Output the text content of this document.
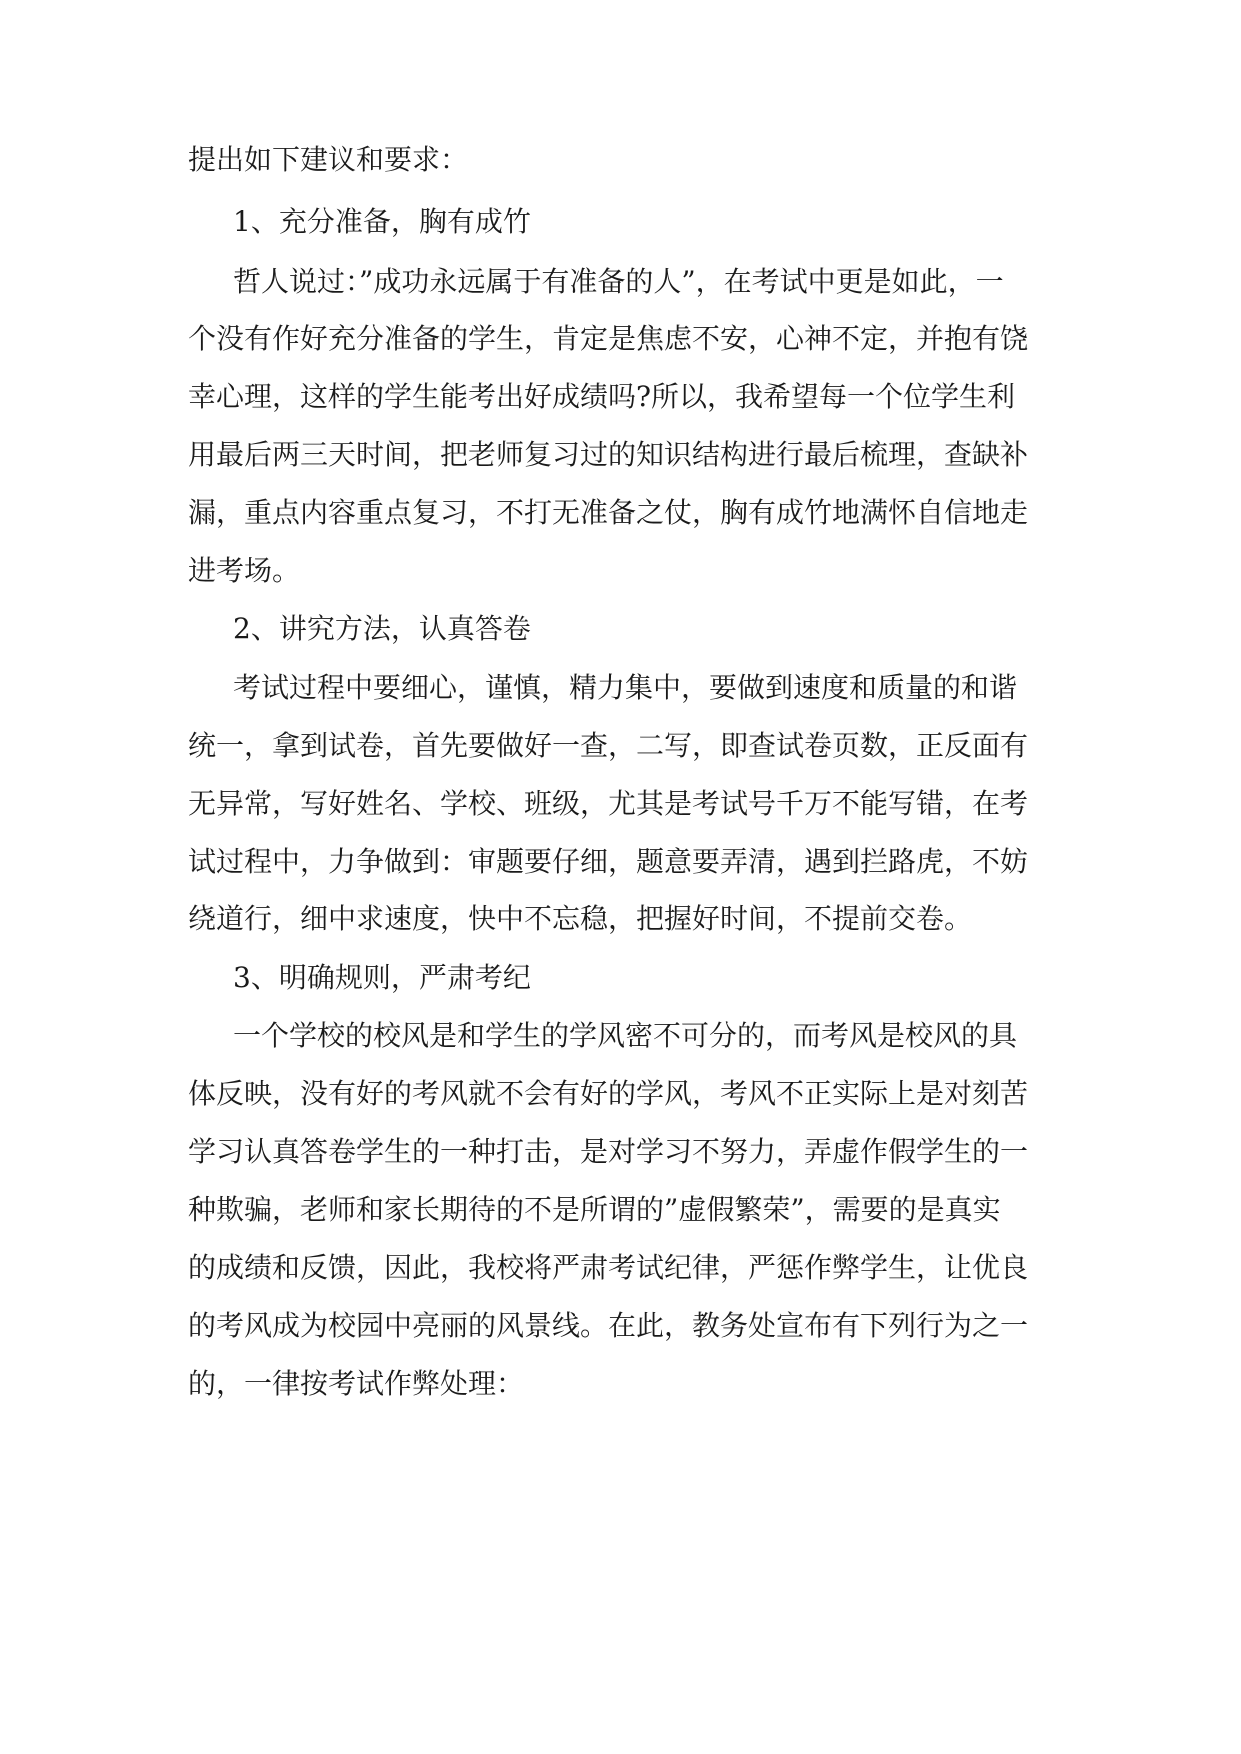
提出如下建议和要求：
1、充分准备，胸有成竹
哲人说过：”成功永远属于有准备的人”，在考试中更是如此，一
个没有作好充分准备的学生，肯定是焦虑不安，心神不定，并抱有饶
幸心理，这样的学生能考出好成绩吗?所以，我希望每一个位学生利
用最后两三天时间，把老师复习过的知识结构进行最后梳理，查缺补
漏，重点内容重点复习，不打无准备之仗，胸有成竹地满怀自信地走
进考场。
2、讲究方法，认真答卷
考试过程中要细心，谨慎，精力集中，要做到速度和质量的和谐
统一，拿到试卷，首先要做好一查，二写，即查试卷页数，正反面有
无异常，写好姓名、学校、班级，尤其是考试号千万不能写错，在考
试过程中，力争做到：审题要仔细，题意要弄清，遇到拦路虎，不妨
绕道行，细中求速度，快中不忘稳，把握好时间，不提前交卷。
3、明确规则，严肃考纪
一个学校的校风是和学生的学风密不可分的，而考风是校风的具
体反映，没有好的考风就不会有好的学风，考风不正实际上是对刻苦
学习认真答卷学生的一种打击，是对学习不努力，弄虚作假学生的一
种欺骗，老师和家长期待的不是所谓的”虚假繁荣”，需要的是真实
的成绩和反馈，因此，我校将严肃考试纪律，严惩作弊学生，让优良
的考风成为校园中亮丽的风景线。在此，教务处宣布有下列行为之一
的，一律按考试作弊处理：
